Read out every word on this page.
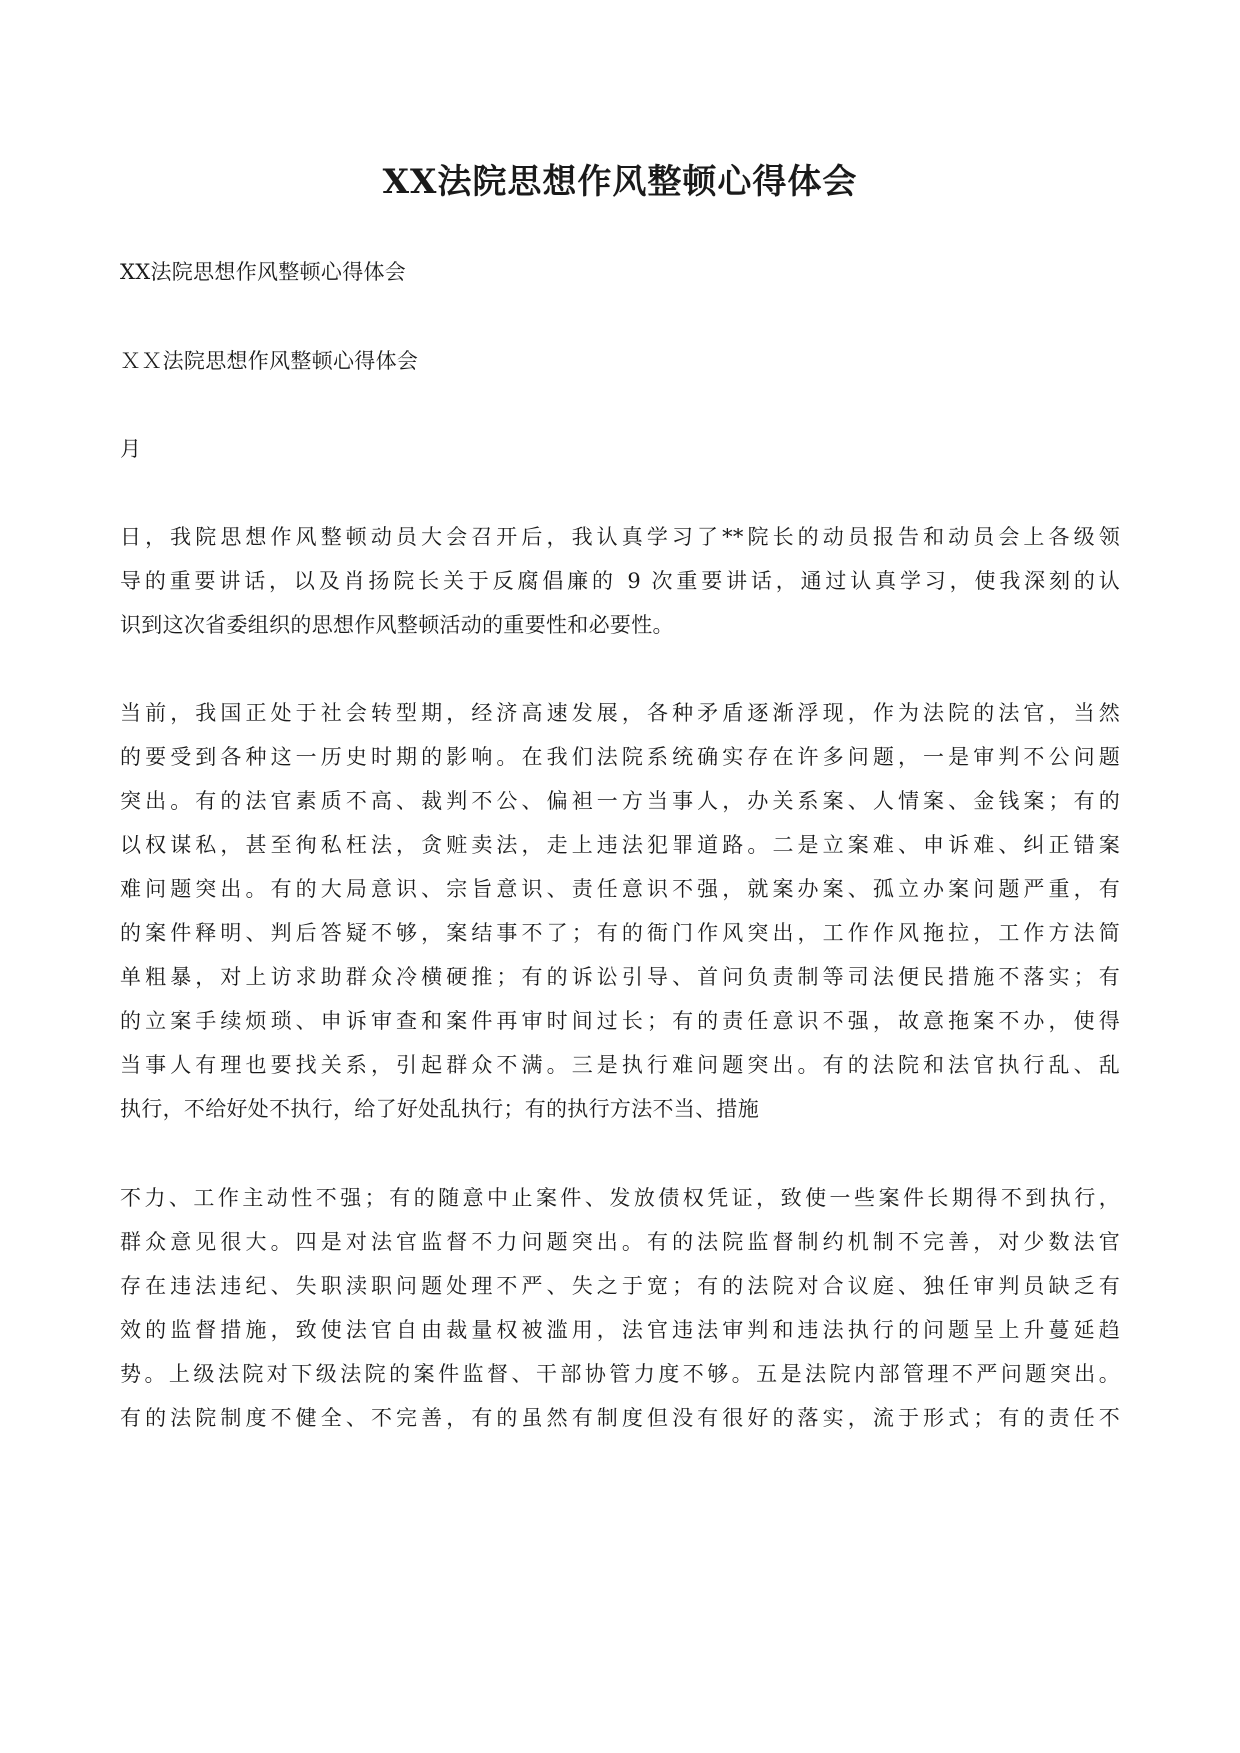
XX法院思想作风整顿心得体会
XX法院思想作风整顿心得体会
ＸＸ法院思想作风整顿心得体会
月
日，我院思想作风整顿动员大会召开后，我认真学习了**院长的动员报告和动员会上各级领
导的重要讲话，以及肖扬院长关于反腐倡廉的 9 次重要讲话，通过认真学习，使我深刻的认
识到这次省委组织的思想作风整顿活动的重要性和必要性。
当前，我国正处于社会转型期，经济高速发展，各种矛盾逐渐浮现，作为法院的法官，当然
的要受到各种这一历史时期的影响。在我们法院系统确实存在许多问题，一是审判不公问题
突出。有的法官素质不高、裁判不公、偏袒一方当事人，办关系案、人情案、金钱案；有的
以权谋私，甚至徇私枉法，贪赃卖法，走上违法犯罪道路。二是立案难、申诉难、纠正错案
难问题突出。有的大局意识、宗旨意识、责任意识不强，就案办案、孤立办案问题严重，有
的案件释明、判后答疑不够，案结事不了；有的衙门作风突出，工作作风拖拉，工作方法简
单粗暴，对上访求助群众冷横硬推；有的诉讼引导、首问负责制等司法便民措施不落实；有
的立案手续烦琐、申诉审查和案件再审时间过长；有的责任意识不强，故意拖案不办，使得
当事人有理也要找关系，引起群众不满。三是执行难问题突出。有的法院和法官执行乱、乱
执行，不给好处不执行，给了好处乱执行；有的执行方法不当、措施
不力、工作主动性不强；有的随意中止案件、发放债权凭证，致使一些案件长期得不到执行，
群众意见很大。四是对法官监督不力问题突出。有的法院监督制约机制不完善，对少数法官
存在违法违纪、失职渎职问题处理不严、失之于宽；有的法院对合议庭、独任审判员缺乏有
效的监督措施，致使法官自由裁量权被滥用，法官违法审判和违法执行的问题呈上升蔓延趋
势。上级法院对下级法院的案件监督、干部协管力度不够。五是法院内部管理不严问题突出。
有的法院制度不健全、不完善，有的虽然有制度但没有很好的落实，流于形式；有的责任不
